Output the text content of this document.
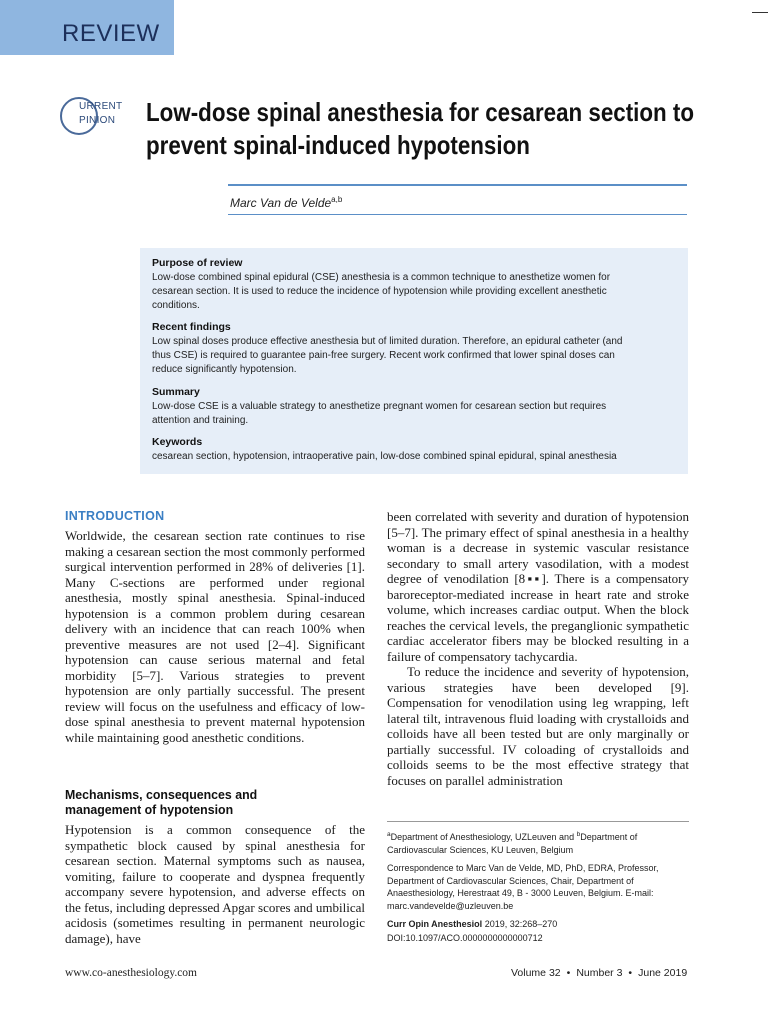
REVIEW
URRENT
PINION Low-dose spinal anesthesia for cesarean section to
prevent spinal-induced hypotension
Marc Van de Velde$^{a,b}$
Purpose of review
Low-dose combined spinal epidural (CSE) anesthesia is a common technique to anesthetize women for
cesarean section. It is used to reduce the incidence of hypotension while providing excellent anesthetic
conditions.
Recent findings
Low spinal doses produce effective anesthesia but of limited duration. Therefore, an epidural catheter (and
thus CSE) is required to guarantee pain-free surgery. Recent work confirmed that lower spinal doses can
reduce significantly hypotension.
Summary
Low-dose CSE is a valuable strategy to anesthetize pregnant women for cesarean section but requires
attention and training.
Keywords
cesarean section, hypotension, intraoperative pain, low-dose combined spinal epidural, spinal anesthesia
INTRODUCTION

Worldwide, the cesarean section rate continues to rise making a cesarean section the most commonly performed surgical intervention performed in 28% of deliveries [1]. Many C-sections are performed under regional anesthesia, mostly spinal anesthesia. Spinal-induced hypotension is a common problem during cesarean delivery with an incidence that can reach 100% when preventive measures are not used [2–4]. Significant hypotension can cause serious maternal and fetal morbidity [5–7]. Various strategies to prevent hypotension are only partially successful. The present review will focus on the usefulness and efficacy of low-dose spinal anesthesia to prevent maternal hypotension while maintaining good anesthetic conditions.

Mechanisms, consequences and management of hypotension

Hypotension is a common consequence of the sympathetic block caused by spinal anesthesia for cesarean section. Maternal symptoms such as nausea, vomiting, failure to cooperate and dyspnea frequently accompany severe hypotension, and adverse effects on the fetus, including depressed Apgar scores and umbilical acidosis (sometimes resulting in permanent neurologic damage), have

been correlated with severity and duration of hypotension [5–7]. The primary effect of spinal anesthesia in a healthy woman is a decrease in systemic vascular resistance secondary to small artery vasodilation, with a modest degree of venodilation [8▪▪]. There is a compensatory baroreceptor-mediated increase in heart rate and stroke volume, which increases cardiac output. When the block reaches the cervical levels, the preganglionic sympathetic cardiac accelerator fibers may be blocked resulting in a failure of compensatory tachycardia.

To reduce the incidence and severity of hypotension, various strategies have been developed [9]. Compensation for venodilation using leg wrapping, left lateral tilt, intravenous fluid loading with crystalloids and colloids have all been tested but are only marginally or partially successful. IV coloading of crystalloids and colloids seems to be the most effective strategy that focuses on parallel administration

$^a$Department of Anesthesiology, UZLeuven and $^b$Department of Cardiovascular Sciences, KU Leuven, Belgium

Correspondence to Marc Van de Velde, MD, PhD, EDRA, Professor, Department of Cardiovascular Sciences, Chair, Department of Anaesthesiology, Herestraat 49, B - 3000 Leuven, Belgium. E-mail: marc.vandevelde@uzleuven.be

Curr Opin Anesthesiol 2019, 32:268–270

DOI:10.1097/ACO.0000000000000712

www.co-anesthesiology.com	Volume 32 • Number 3 • June 2019
